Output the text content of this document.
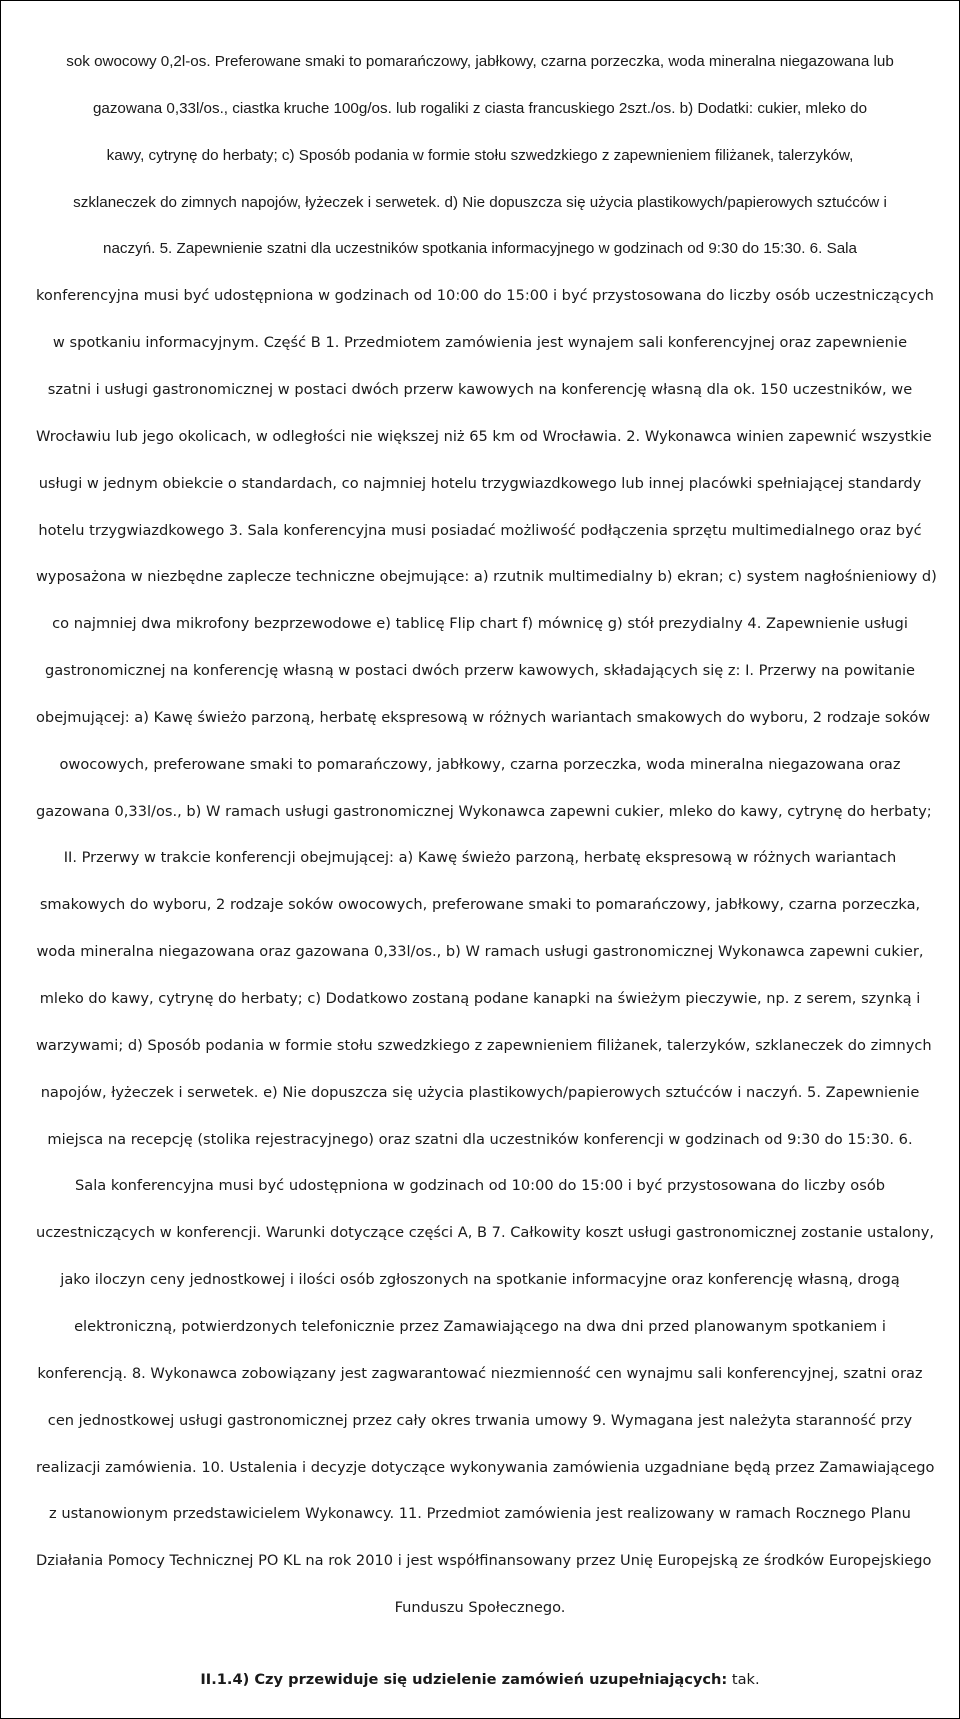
sok owocowy 0,2l-os. Preferowane smaki to pomarańczowy, jabłkowy, czarna porzeczka, woda mineralna niegazowana lub
gazowana 0,33l/os., ciastka kruche 100g/os. lub rogaliki z ciasta francuskiego 2szt./os. b) Dodatki: cukier, mleko do
kawy, cytrynę do herbaty; c) Sposób podania w formie stołu szwedzkiego z zapewnieniem filiżanek, talerzyków,
szklaneczek do zimnych napojów, łyżeczek i serwetek. d) Nie dopuszcza się użycia plastikowych/papierowych sztućców i
naczyń. 5. Zapewnienie szatni dla uczestników spotkania informacyjnego w godzinach od 9:30 do 15:30. 6. Sala
konferencyjna musi być udostępniona w godzinach od 10:00 do 15:00 i być przystosowana do liczby osób uczestniczących
w spotkaniu informacyjnym. Część B 1. Przedmiotem zamówienia jest wynajem sali konferencyjnej oraz zapewnienie
szatni i usługi gastronomicznej w postaci dwóch przerw kawowych na konferencję własną dla ok. 150 uczestników, we
Wrocławiu lub jego okolicach, w odległości nie większej niż 65 km od Wrocławia. 2. Wykonawca winien zapewnić wszystkie
usługi w jednym obiekcie o standardach, co najmniej hotelu trzygwiazdkowego lub innej placówki spełniającej standardy
hotelu trzygwiazdkowego 3. Sala konferencyjna musi posiadać możliwość podłączenia sprzętu multimedialnego oraz być
wyposażona w niezbędne zaplecze techniczne obejmujące: a) rzutnik multimedialny b) ekran; c) system nagłośnieniowy d)
co najmniej dwa mikrofony bezprzewodowe e) tablicę Flip chart f) mównicę g) stół prezydialny 4. Zapewnienie usługi
gastronomicznej na konferencję własną w postaci dwóch przerw kawowych, składających się z: I. Przerwy na powitanie
obejmującej: a) Kawę świeżo parzoną, herbatę ekspresową w różnych wariantach smakowych do wyboru, 2 rodzaje soków
owocowych, preferowane smaki to pomarańczowy, jabłkowy, czarna porzeczka, woda mineralna niegazowana oraz
gazowana 0,33l/os., b) W ramach usługi gastronomicznej Wykonawca zapewni cukier, mleko do kawy, cytrynę do herbaty;
II. Przerwy w trakcie konferencji obejmującej: a) Kawę świeżo parzoną, herbatę ekspresową w różnych wariantach
smakowych do wyboru, 2 rodzaje soków owocowych, preferowane smaki to pomarańczowy, jabłkowy, czarna porzeczka,
woda mineralna niegazowana oraz gazowana 0,33l/os., b) W ramach usługi gastronomicznej Wykonawca zapewni cukier,
mleko do kawy, cytrynę do herbaty; c) Dodatkowo zostaną podane kanapki na świeżym pieczywie, np. z serem, szynką i
warzywami; d) Sposób podania w formie stołu szwedzkiego z zapewnieniem filiżanek, talerzyków, szklaneczek do zimnych
napojów, łyżeczek i serwetek. e) Nie dopuszcza się użycia plastikowych/papierowych sztućców i naczyń. 5. Zapewnienie
miejsca na recepcję (stolika rejestracyjnego) oraz szatni dla uczestników konferencji w godzinach od 9:30 do 15:30. 6.
Sala konferencyjna musi być udostępniona w godzinach od 10:00 do 15:00 i być przystosowana do liczby osób
uczestniczących w konferencji. Warunki dotyczące części A, B 7. Całkowity koszt usługi gastronomicznej zostanie ustalony,
jako iloczyn ceny jednostkowej i ilości osób zgłoszonych na spotkanie informacyjne oraz konferencję własną, drogą
elektroniczną, potwierdzonych telefonicznie przez Zamawiającego na dwa dni przed planowanym spotkaniem i
konferencją. 8. Wykonawca zobowiązany jest zagwarantować niezmienność cen wynajmu sali konferencyjnej, szatni oraz
cen jednostkowej usługi gastronomicznej przez cały okres trwania umowy 9. Wymagana jest należyta staranność przy
realizacji zamówienia. 10. Ustalenia i decyzje dotyczące wykonywania zamówienia uzgadniane będą przez Zamawiającego
z ustanowionym przedstawicielem Wykonawcy. 11. Przedmiot zamówienia jest realizowany w ramach Rocznego Planu
Działania Pomocy Technicznej PO KL na rok 2010 i jest współfinansowany przez Unię Europejską ze środków Europejskiego
Funduszu Społecznego.
II.1.4) Czy przewiduje się udzielenie zamówień uzupełniających: tak.
